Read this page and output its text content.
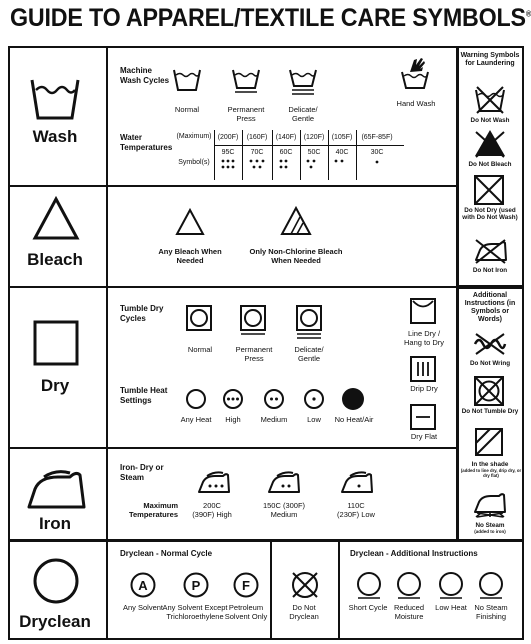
GUIDE TO APPAREL/TEXTILE CARE SYMBOLS®
Wash
Machine Wash Cycles
Normal	Permanent Press
Delicate/ Gentle
Hand Wash
Water Temperatures
(Maximum)
Symbol(s)
(200F)	(160F)	(140F)	(120F)	(105F)	(65F-85F)
95C	70C	60C	50C	40C	30C
Bleach	Any Bleach When Needed
Only Non-Chlorine Bleach When Needed
Dry
Tumble Dry Cycles
Normal	Permanent Press
Delicate/ Gentle
Tumble Heat Settings
Any Heat	High	Medium	Low	No Heat/Air
Line Dry / Hang to Dry
Drip Dry
Dry Flat
Iron
Iron- Dry or Steam
Maximum Temperatures
200C (390F) High
150C (300F) Medium
110C (230F) Low
Dryclean
Dryclean - Normal Cycle
A
Any Solvent
P
Any Solvent Except Trichloroethylene
F
Petroleum Solvent Only
Do Not Dryclean
Dryclean - Additional Instructions
Short Cycle Reduced Moisture
Low Heat No Steam Finishing
Warning Symbols for Laundering
Do Not Wash
Do Not Bleach
Do Not Dry (used with Do Not Wash)
Do Not Iron
Additional Instructions (in Symbols or Words)
Do Not Wring
Do Not Tumble Dry
In the shade
(added to line dry, drip dry, or dry flat)
No Steam
(added to iron)
